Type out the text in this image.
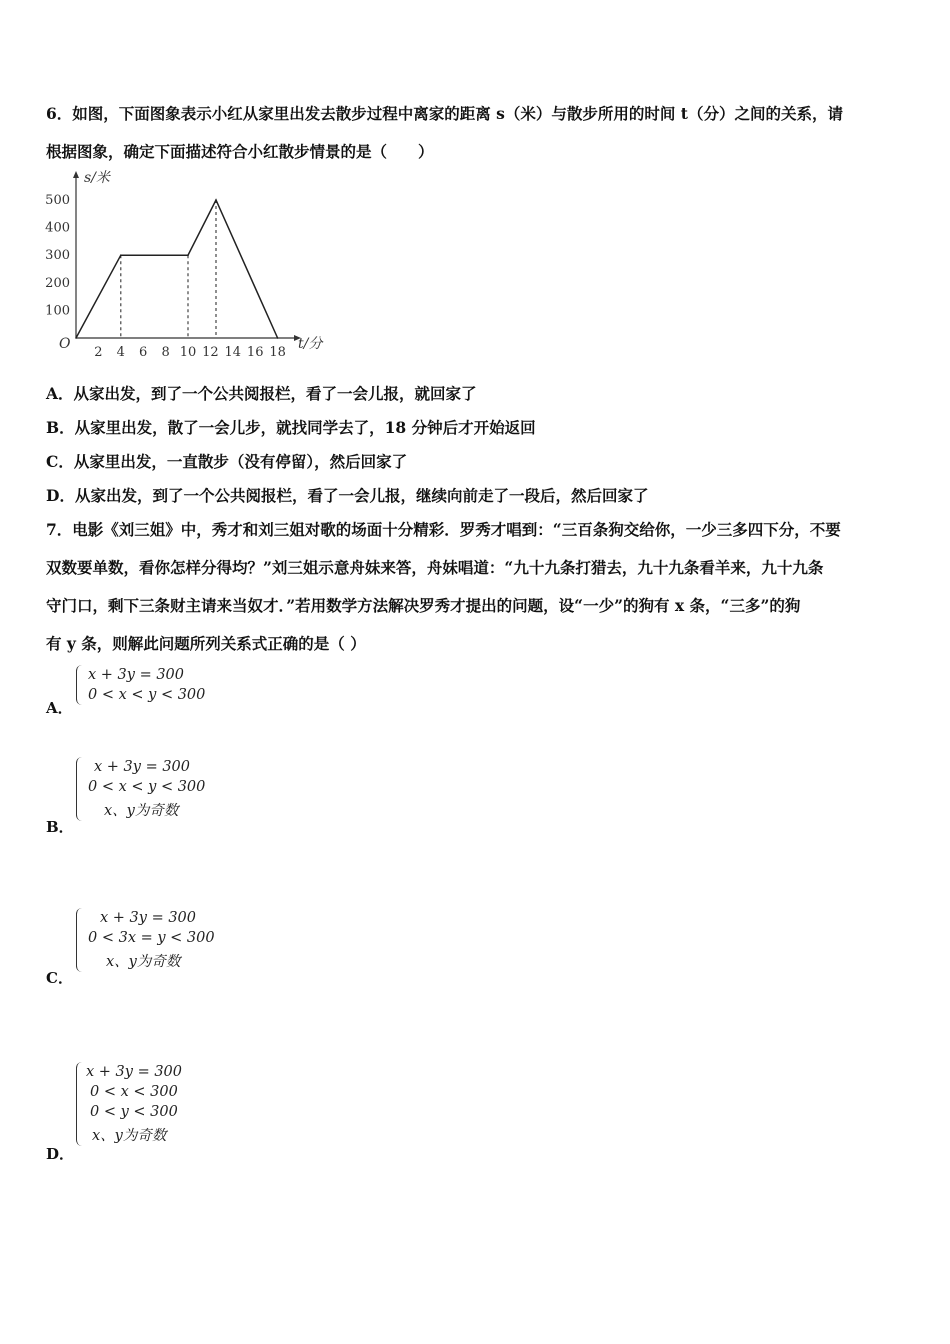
6．如图，下面图象表示小红从家里出发去散步过程中离家的距离 s（米）与散步所用的时间 t（分）之间的关系，请
根据图象，确定下面描述符合小红散步情景的是（　　）
s/米
t/分
O
2 4 6 8 10 12 14 16 18
100
200
300
400
500
A．从家出发，到了一个公共阅报栏，看了一会儿报，就回家了
B．从家里出发，散了一会儿步，就找同学去了，18 分钟后才开始返回
C．从家里出发，一直散步（没有停留），然后回家了
D．从家出发，到了一个公共阅报栏，看了一会儿报，继续向前走了一段后，然后回家了
7．电影《刘三姐》中，秀才和刘三姐对歌的场面十分精彩．罗秀才唱到：“三百条狗交给你，一少三多四下分，不要
双数要单数，看你怎样分得均？”刘三姐示意舟妹来答，舟妹唱道：“九十九条打猎去，九十九条看羊来，九十九条
守门口，剩下三条财主请来当奴才．”若用数学方法解决罗秀才提出的问题，设“一少”的狗有 x 条，“三多”的狗
有 y 条，则解此问题所列关系式正确的是（ ）
A．
x + 3y = 300
0 < x < y < 300
B．
x + 3y = 300
0 < x < y < 300
x、y为奇数
C．
x + 3y = 300
0 < 3x = y < 300
x、y为奇数
D．
x + 3y = 300
0 < x < 300
0 < y < 300
x、y为奇数
